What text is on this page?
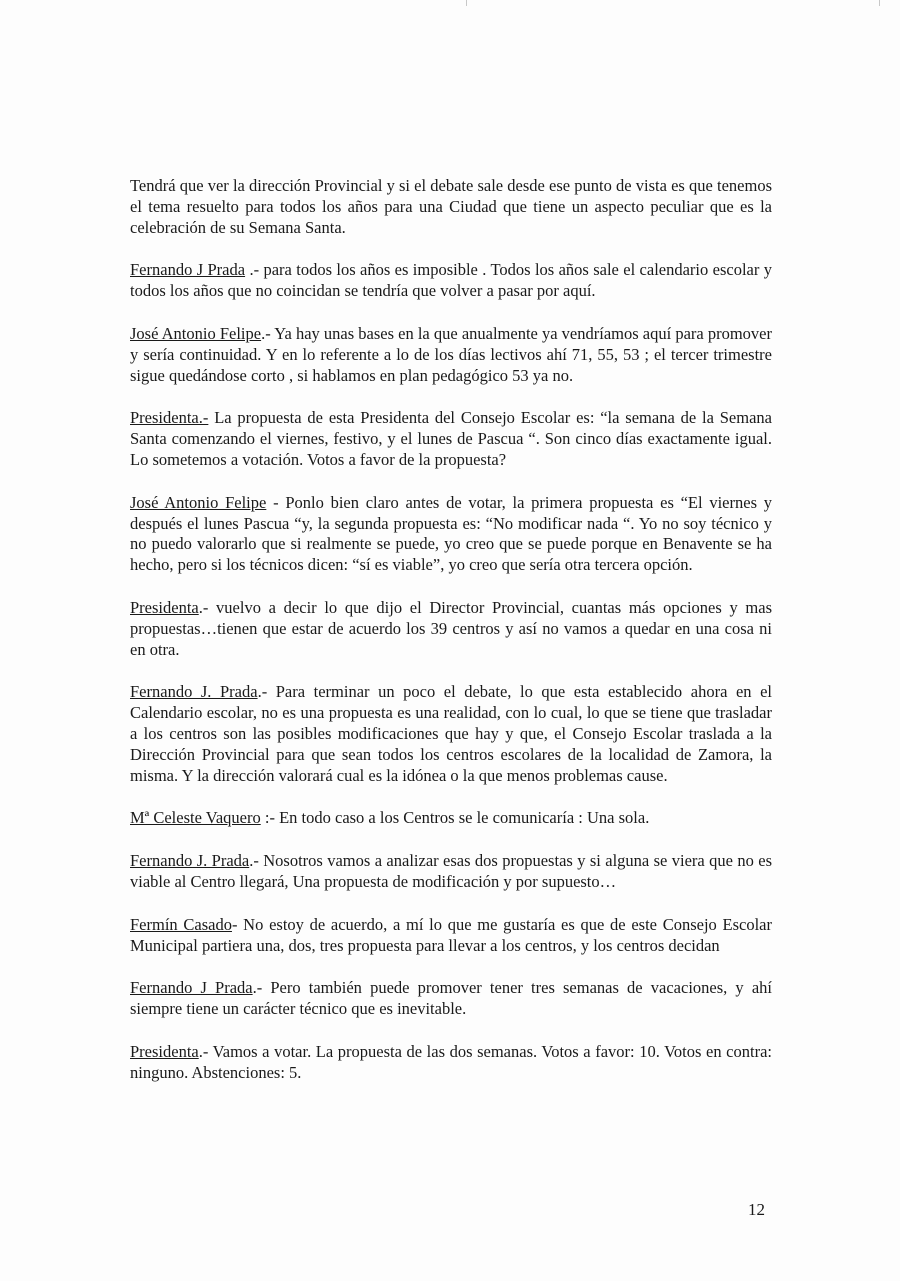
Tendrá que ver la dirección Provincial y si el debate sale desde ese punto de vista es que tenemos el tema resuelto para todos los años para una Ciudad que tiene un aspecto peculiar que es la celebración de su Semana Santa.

Fernando J Prada .- para todos los años es imposible . Todos los años sale el calendario escolar y todos los años que no coincidan se tendría que volver a pasar por aquí.

José Antonio Felipe.- Ya hay unas bases en la que anualmente ya vendríamos aquí para promover y sería continuidad. Y en lo referente a lo de los días lectivos ahí 71, 55, 53 ; el tercer trimestre sigue quedándose corto , si hablamos en plan pedagógico 53 ya no.

Presidenta.- La propuesta de esta Presidenta del Consejo Escolar es: “la semana de la Semana Santa comenzando el viernes, festivo, y el lunes de Pascua “. Son cinco días exactamente igual. Lo sometemos a votación. Votos a favor de la propuesta?

José Antonio Felipe - Ponlo bien claro antes de votar, la primera propuesta es “El viernes y después el lunes Pascua “y, la segunda propuesta es: “No modificar nada “. Yo no soy técnico y no puedo valorarlo que si realmente se puede, yo creo que se puede porque en Benavente se ha hecho, pero si los técnicos dicen: “sí es viable”, yo creo que sería otra tercera opción.

Presidenta.- vuelvo a decir lo que dijo el Director Provincial, cuantas más opciones y mas propuestas…tienen que estar de acuerdo los 39 centros y así no vamos a quedar en una cosa ni en otra.

Fernando J. Prada.- Para terminar un poco el debate, lo que esta establecido ahora en el Calendario escolar, no es una propuesta es una realidad, con lo cual, lo que se tiene que trasladar a los centros son las posibles modificaciones que hay y que, el Consejo Escolar traslada a la Dirección Provincial para que sean todos los centros escolares de la localidad de Zamora, la misma. Y la dirección valorará cual es la idónea o la que menos problemas cause.

Mª Celeste Vaquero :- En todo caso a los Centros se le comunicaría : Una sola.

Fernando J. Prada.- Nosotros vamos a analizar esas dos propuestas y si alguna se viera que no es viable al Centro llegará, Una propuesta de modificación y por supuesto…

Fermín Casado- No estoy de acuerdo, a mí lo que me gustaría es que de este Consejo Escolar Municipal partiera una, dos, tres propuesta para llevar a los centros, y los centros decidan

Fernando J Prada.- Pero también puede promover tener tres semanas de vacaciones, y ahí siempre tiene un carácter técnico que es inevitable.

Presidenta.- Vamos a votar. La propuesta de las dos semanas. Votos a favor: 10. Votos en contra: ninguno. Abstenciones: 5.

12
